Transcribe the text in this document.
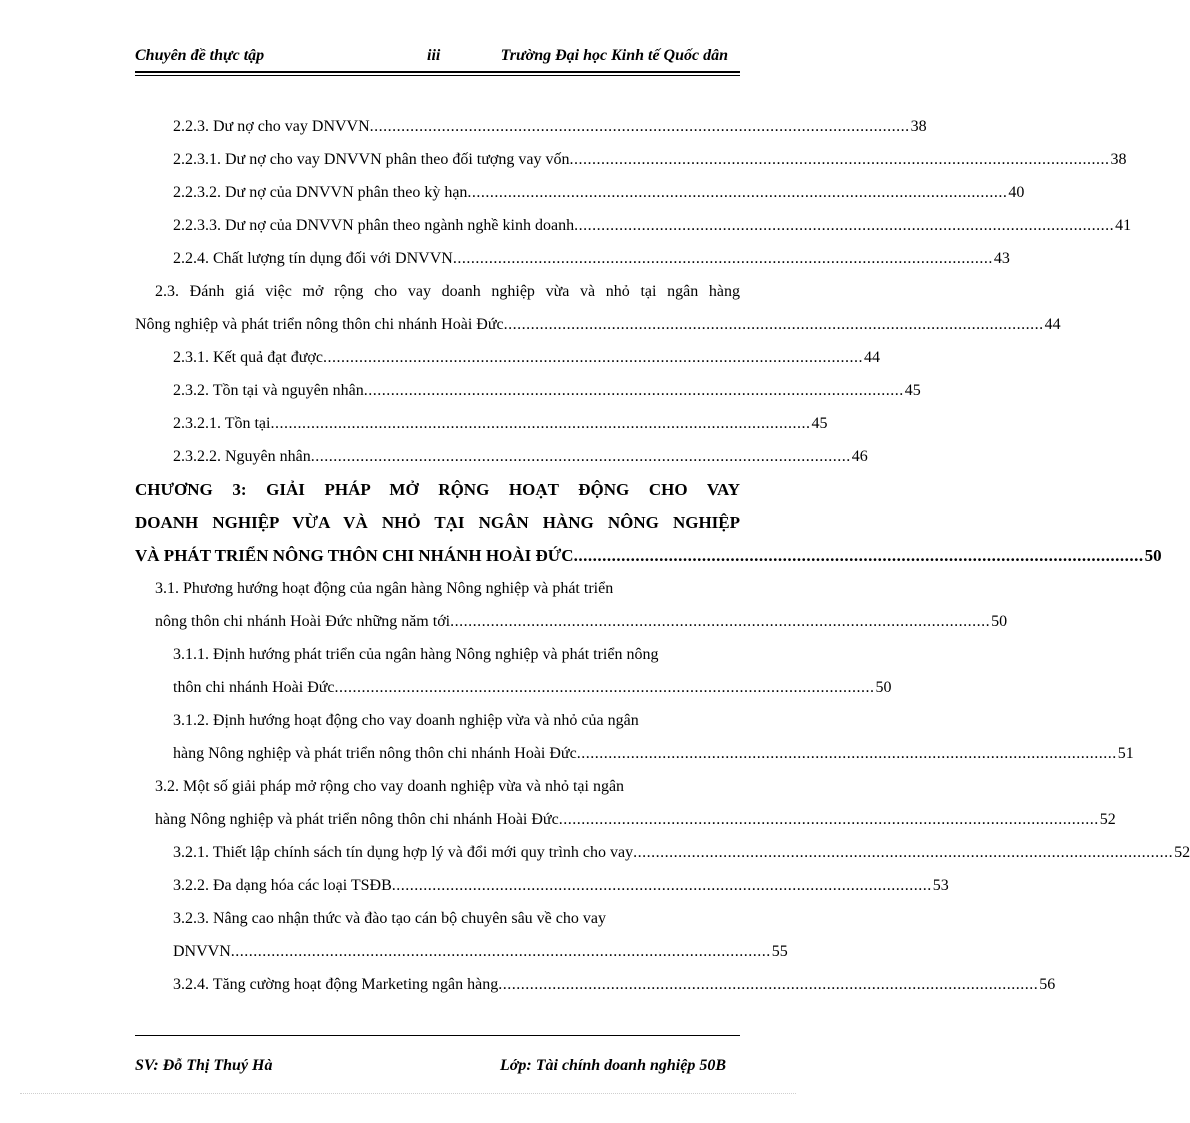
Chuyên đề thực tập	iii	Trường Đại học Kinh tế Quốc dân
2.2.3. Dư nợ cho vay DNVVN ........................................................................................................................ 38
2.2.3.1. Dư nợ cho vay DNVVN phân theo đối tượng vay vốn ........................................................................................................................ 38
2.2.3.2. Dư nợ của DNVVN phân theo kỳ hạn ........................................................................................................................ 40
2.2.3.3. Dư nợ của DNVVN phân theo ngành nghề kinh doanh ........................................................................................................................ 41
2.2.4. Chất lượng tín dụng đối với DNVVN ........................................................................................................................ 43
2.3. Đánh giá việc mở rộng cho vay doanh nghiệp vừa và nhỏ tại ngân hàng
Nông nghiệp và phát triển nông thôn chi nhánh Hoài Đức ........................................................................................................................ 44
2.3.1. Kết quả đạt được ........................................................................................................................ 44
2.3.2. Tồn tại và nguyên nhân ........................................................................................................................ 45
2.3.2.1. Tồn tại ........................................................................................................................ 45
2.3.2.2. Nguyên nhân ........................................................................................................................ 46
CHƯƠNG 3: GIẢI PHÁP MỞ RỘNG HOẠT ĐỘNG CHO VAY
DOANH NGHIỆP VỪA VÀ NHỎ TẠI NGÂN HÀNG NÔNG NGHIỆP
VÀ PHÁT TRIỂN NÔNG THÔN CHI NHÁNH HOÀI ĐỨC ........................................................................................................................ 50
3.1. Phương hướng hoạt động của ngân hàng Nông nghiệp và phát triển
nông thôn chi nhánh Hoài Đức những năm tới ........................................................................................................................ 50
3.1.1. Định hướng phát triển của ngân hàng Nông nghiệp và phát triển nông
thôn chi nhánh Hoài Đức ........................................................................................................................ 50
3.1.2. Định hướng hoạt động cho vay doanh nghiệp vừa và nhỏ của ngân
hàng Nông nghiệp và phát triển nông thôn chi nhánh Hoài Đức ........................................................................................................................ 51
3.2. Một số giải pháp mở rộng cho vay doanh nghiệp vừa và nhỏ tại ngân
hàng Nông nghiệp và phát triển nông thôn chi nhánh Hoài Đức ........................................................................................................................ 52
3.2.1. Thiết lập chính sách tín dụng hợp lý và đổi mới quy trình cho vay ........................................................................................................................ 52
3.2.2. Đa dạng hóa các loại TSĐB ........................................................................................................................ 53
3.2.3. Nâng cao nhận thức và đào tạo cán bộ chuyên sâu về cho vay
DNVVN ........................................................................................................................ 55
3.2.4. Tăng cường hoạt động Marketing ngân hàng ........................................................................................................................ 56
SV: Đỗ Thị Thuý Hà	Lớp: Tài chính doanh nghiệp 50B
